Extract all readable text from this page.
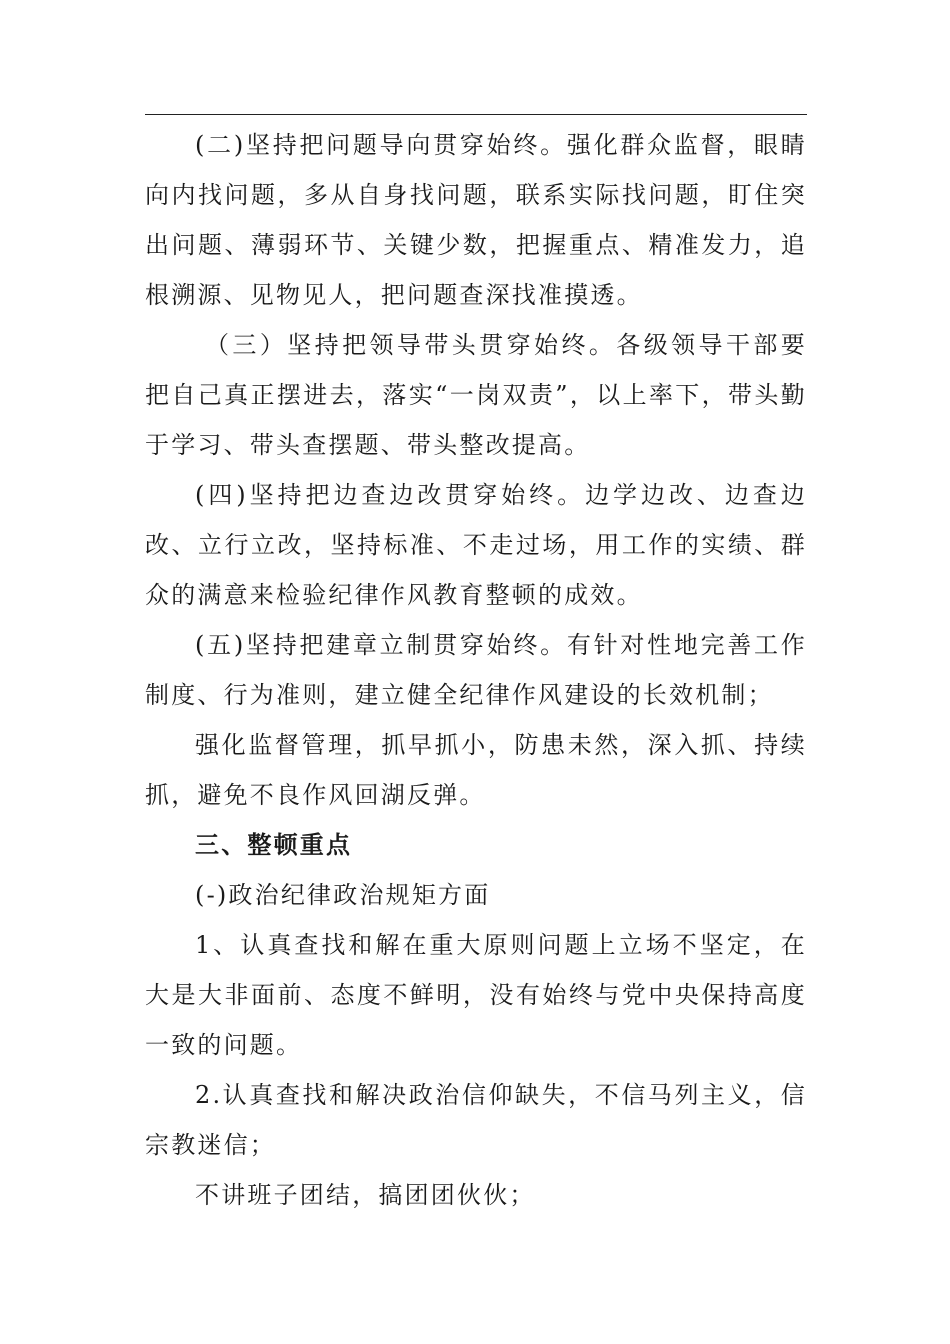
(二)坚持把问题导向贯穿始终。强化群众监督，眼睛向内找问题，多从自身找问题，联系实际找问题，盯住突出问题、薄弱环节、关键少数，把握重点、精准发力，追根溯源、见物见人，把问题查深找准摸透。

（三）坚持把领导带头贯穿始终。各级领导干部要把自己真正摆进去，落实“一岗双责”，以上率下，带头勤于学习、带头查摆题、带头整改提高。

(四)坚持把边查边改贯穿始终。边学边改、边查边改、立行立改，坚持标准、不走过场，用工作的实绩、群众的满意来检验纪律作风教育整顿的成效。

(五)坚持把建章立制贯穿始终。有针对性地完善工作制度、行为准则，建立健全纪律作风建设的长效机制；

强化监督管理，抓早抓小，防患未然，深入抓、持续抓，避免不良作风回湖反弹。

三、整顿重点

(-)政治纪律政治规矩方面

1、认真查找和解在重大原则问题上立场不坚定，在大是大非面前、态度不鲜明，没有始终与党中央保持高度一致的问题。

2.认真查找和解决政治信仰缺失，不信马列主义，信宗教迷信；

不讲班子团结，搞团团伙伙；
